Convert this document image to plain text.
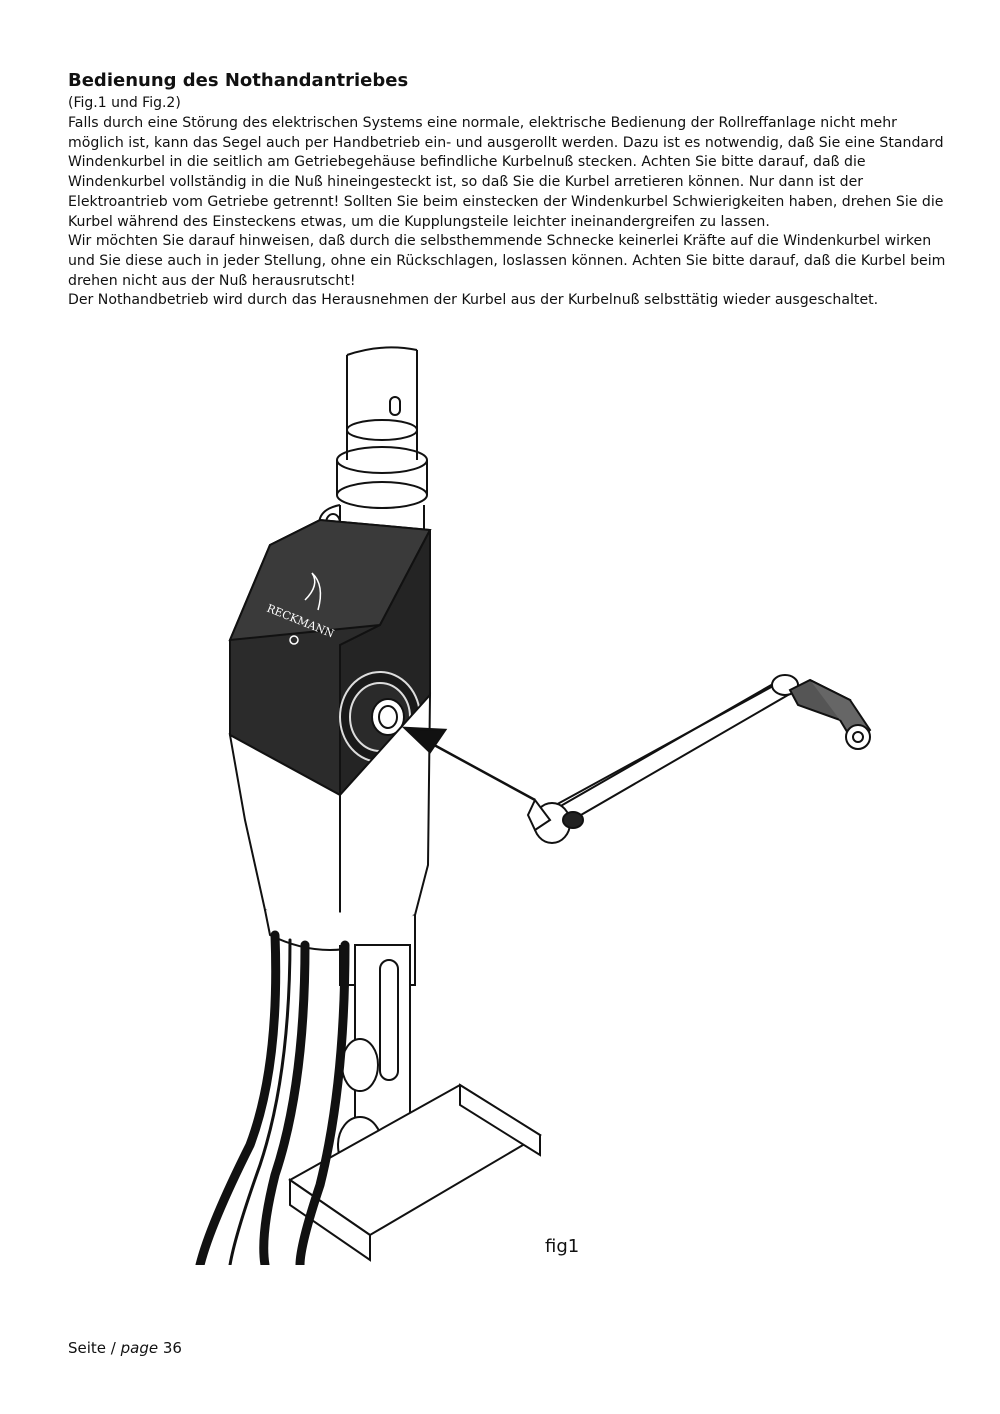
Bedienung des Nothandantriebes
(Fig.1 und Fig.2)

Falls durch eine Störung des elektrischen Systems eine normale, elektrische Bedienung der Rollreffanlage nicht mehr möglich ist, kann das Segel auch per Handbetrieb ein- und ausgerollt werden. Dazu ist es notwendig, daß Sie eine Standard Windenkurbel in die seitlich am Getriebegehäuse befindliche Kurbelnuß stecken. Achten Sie bitte darauf, daß die Windenkurbel vollständig in die Nuß hineingesteckt ist, so daß Sie die Kurbel arretieren können. Nur dann ist der Elektroantrieb vom Getriebe getrennt! Sollten Sie beim einstecken der Windenkurbel Schwierigkeiten haben, drehen Sie die Kurbel während des Einsteckens etwas, um die Kupplungsteile leichter ineinandergreifen zu lassen.

Wir möchten Sie darauf hinweisen, daß durch die selbsthemmende Schnecke keinerlei Kräfte auf die Windenkurbel wirken und Sie diese auch in jeder Stellung, ohne ein Rückschlagen, loslassen können. Achten Sie bitte darauf, daß die Kurbel beim drehen nicht aus der Nuß herausrutscht!

Der Nothandbetrieb wird durch das Herausnehmen der Kurbel aus der Kurbelnuß selbsttätig wieder ausgeschaltet.

RECKMANN
fig1
Seite / page 36
